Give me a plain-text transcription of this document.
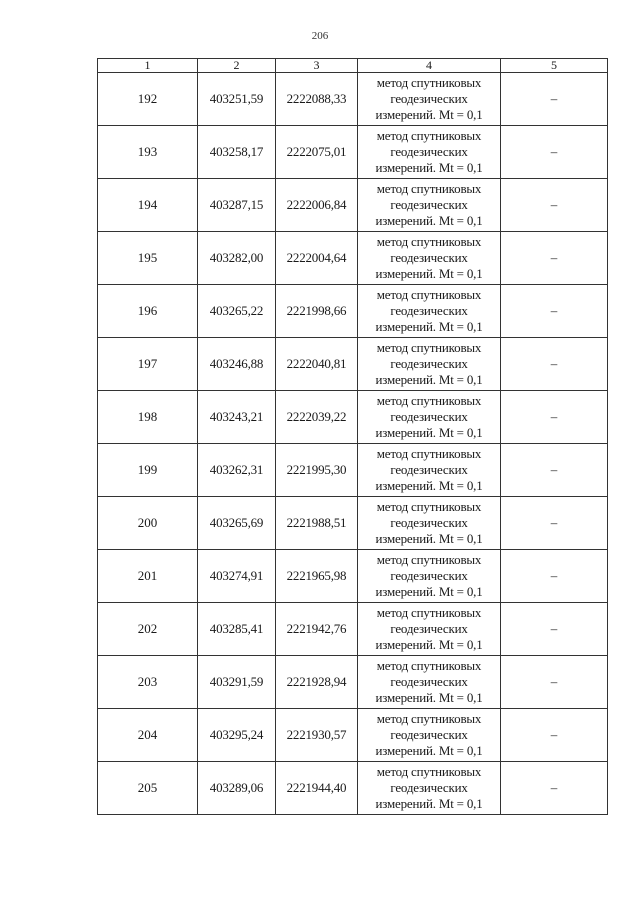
206
1	2	3	4	5
192	403251,59	2222088,33	метод спутниковых
геодезических
измерений. Mt = 0,1	–
193	403258,17	2222075,01	метод спутниковых
геодезических
измерений. Mt = 0,1	–
194	403287,15	2222006,84	метод спутниковых
геодезических
измерений. Mt = 0,1	–
195	403282,00	2222004,64	метод спутниковых
геодезических
измерений. Mt = 0,1	–
196	403265,22	2221998,66	метод спутниковых
геодезических
измерений. Mt = 0,1	–
197	403246,88	2222040,81	метод спутниковых
геодезических
измерений. Mt = 0,1	–
198	403243,21	2222039,22	метод спутниковых
геодезических
измерений. Mt = 0,1	–
199	403262,31	2221995,30	метод спутниковых
геодезических
измерений. Mt = 0,1	–
200	403265,69	2221988,51	метод спутниковых
геодезических
измерений. Mt = 0,1	–
201	403274,91	2221965,98	метод спутниковых
геодезических
измерений. Mt = 0,1	–
202	403285,41	2221942,76	метод спутниковых
геодезических
измерений. Mt = 0,1	–
203	403291,59	2221928,94	метод спутниковых
геодезических
измерений. Mt = 0,1	–
204	403295,24	2221930,57	метод спутниковых
геодезических
измерений. Mt = 0,1	–
205	403289,06	2221944,40	метод спутниковых
геодезических
измерений. Mt = 0,1	–
